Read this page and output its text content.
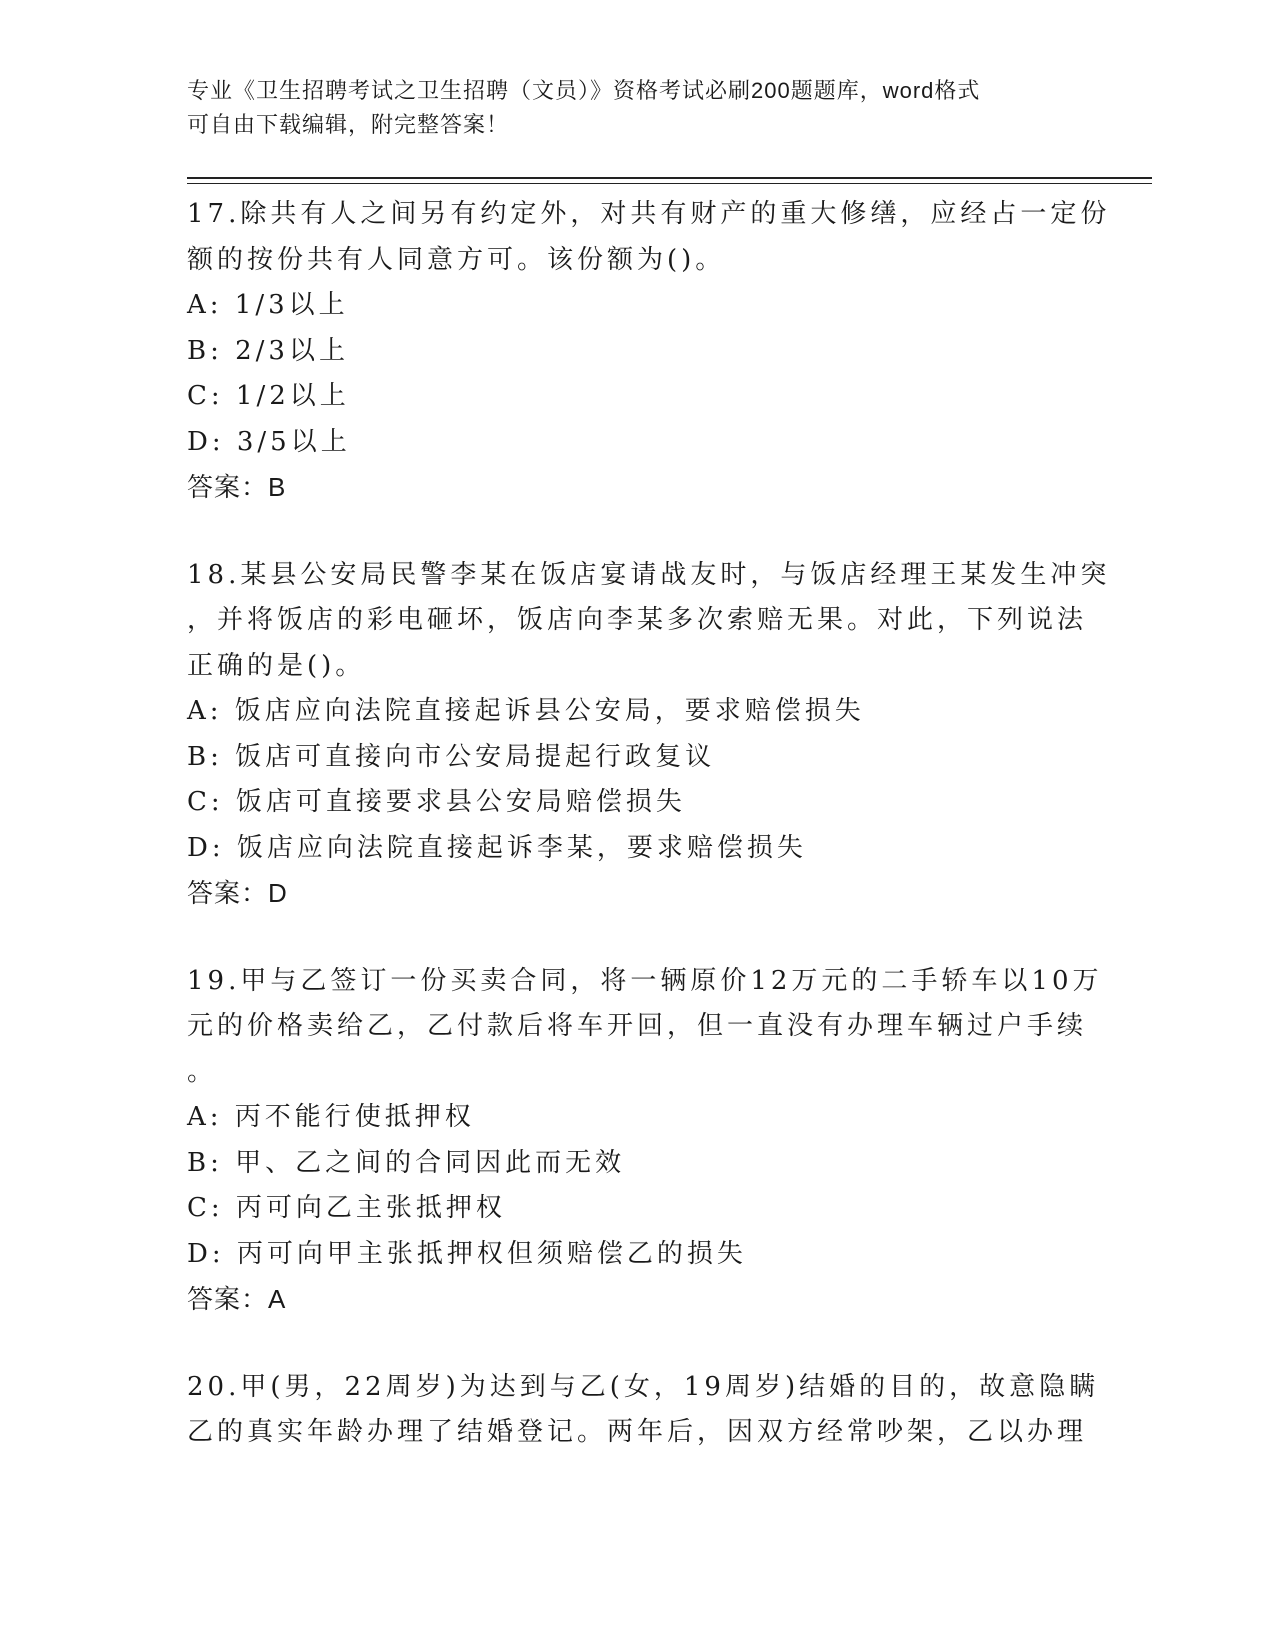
专业《卫生招聘考试之卫生招聘（文员）》资格考试必刷200题题库，word格式
可自由下载编辑，附完整答案！
17.除共有人之间另有约定外，对共有财产的重大修缮，应经占一定份
额的按份共有人同意方可。该份额为()。
A: 1/3以上
B: 2/3以上
C: 1/2以上
D: 3/5以上
答案：B
18.某县公安局民警李某在饭店宴请战友时，与饭店经理王某发生冲突
，并将饭店的彩电砸坏，饭店向李某多次索赔无果。对此，下列说法
正确的是()。
A: 饭店应向法院直接起诉县公安局，要求赔偿损失
B: 饭店可直接向市公安局提起行政复议
C: 饭店可直接要求县公安局赔偿损失
D: 饭店应向法院直接起诉李某，要求赔偿损失
答案：D
19.甲与乙签订一份买卖合同，将一辆原价12万元的二手轿车以10万
元的价格卖给乙，乙付款后将车开回，但一直没有办理车辆过户手续
。
A: 丙不能行使抵押权
B: 甲、乙之间的合同因此而无效
C: 丙可向乙主张抵押权
D: 丙可向甲主张抵押权但须赔偿乙的损失
答案：A
20.甲(男，22周岁)为达到与乙(女，19周岁)结婚的目的，故意隐瞒
乙的真实年龄办理了结婚登记。两年后，因双方经常吵架，乙以办理
